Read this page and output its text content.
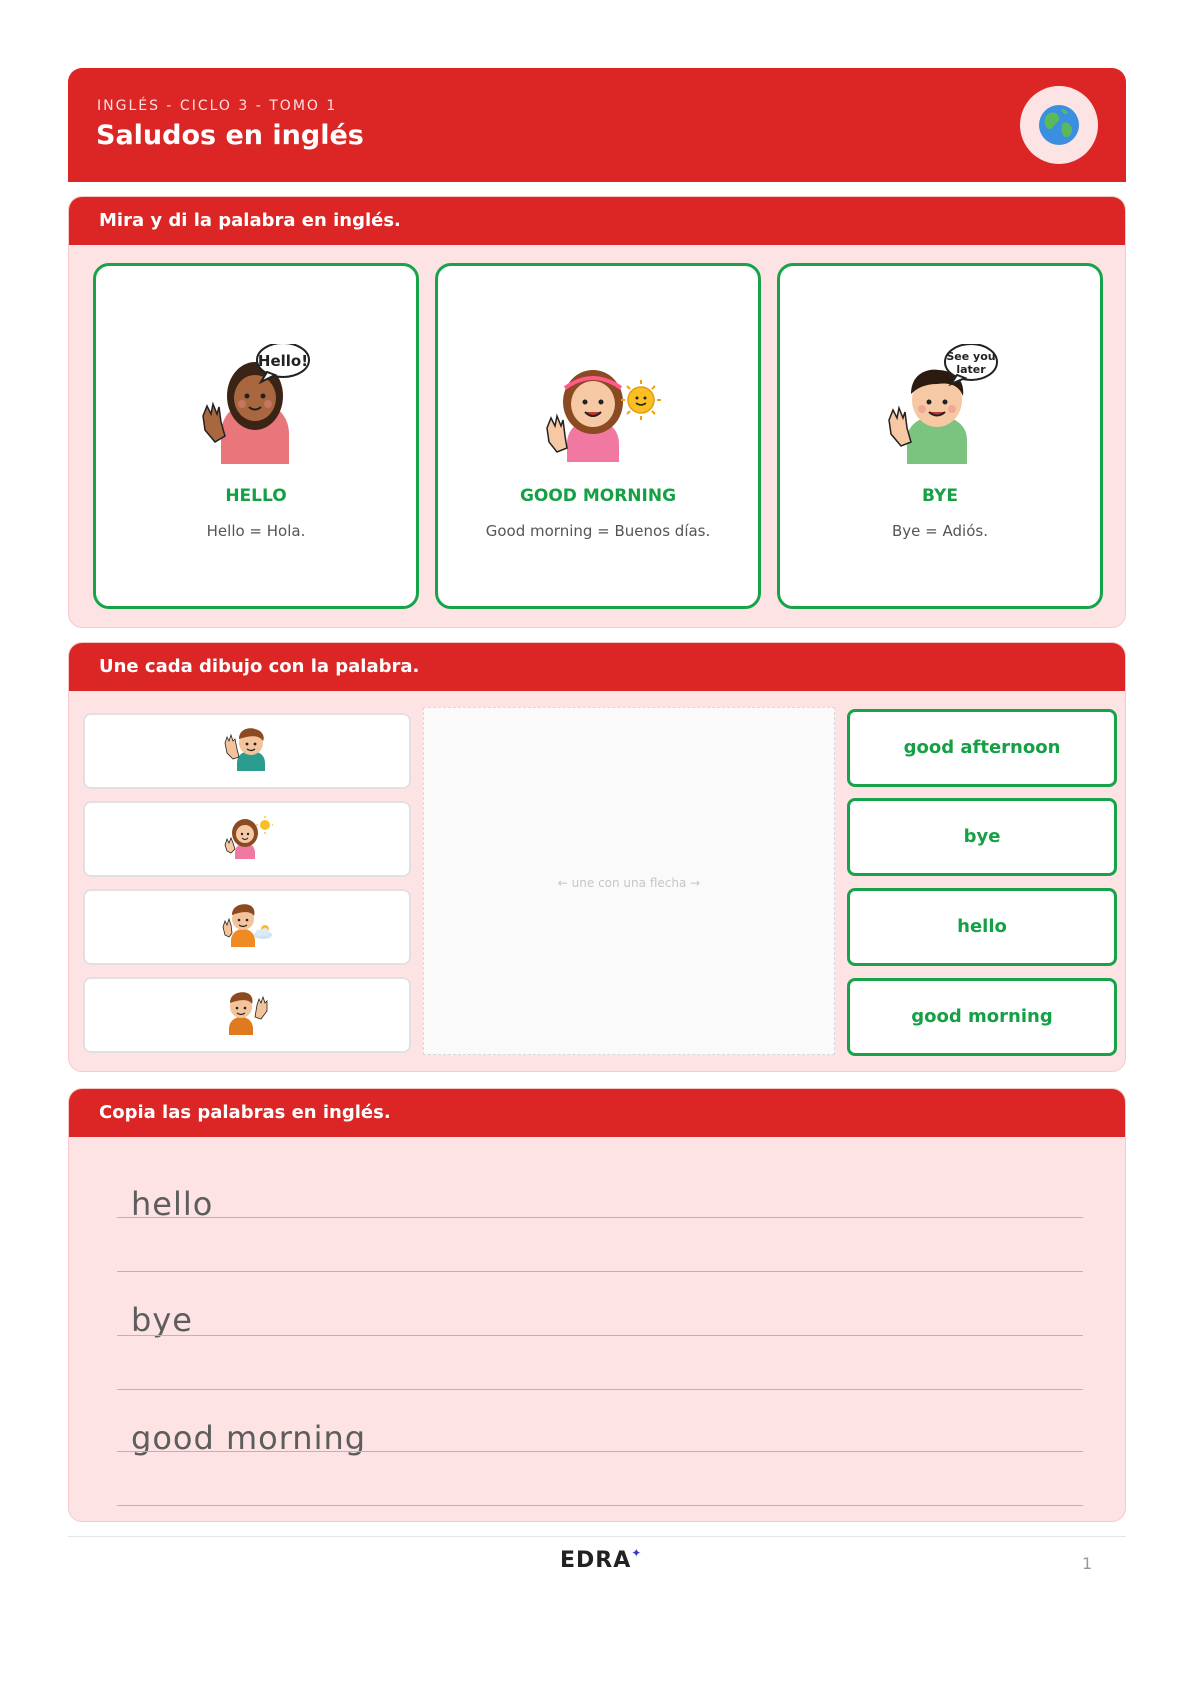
INGLÉS - CICLO 3 - TOMO 1
Saludos en inglés
Mira y di la palabra en inglés.
Hello!
HELLO
Hello = Hola.
GOOD MORNING
Good morning = Buenos días.
See you
later
BYE
Bye = Adiós.
Une cada dibujo con la palabra.
← une con una flecha →
good afternoon
bye
hello
good morning
Copia las palabras en inglés.
hello
bye
good morning
EDRA✦
1
